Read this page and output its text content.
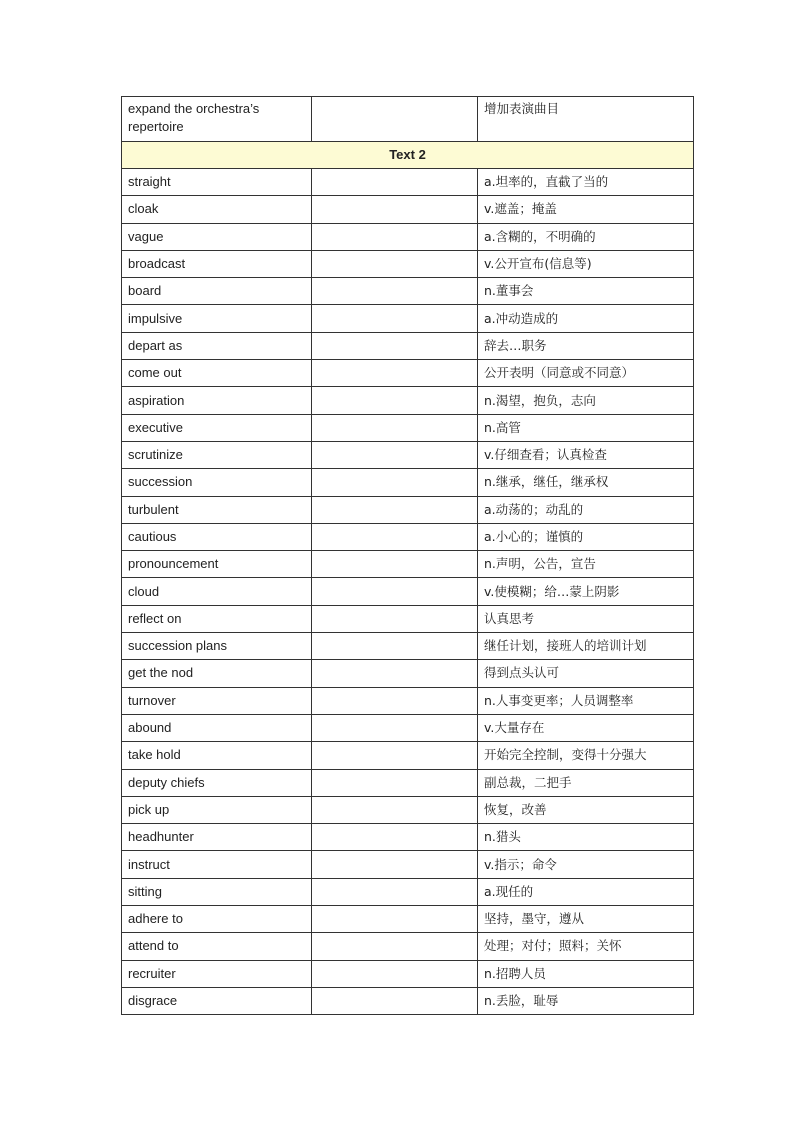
expand the orchestra’s repertoire		增加表演曲目
Text 2		
straight		a.坦率的，直截了当的
cloak		v.遮盖；掩盖
vague		a.含糊的，不明确的
broadcast		v.公开宣布(信息等)
board		n.董事会
impulsive		a.冲动造成的
depart as		辞去…职务
come out		公开表明（同意或不同意）
aspiration		n.渴望，抱负，志向
executive		n.高管
scrutinize		v.仔细查看；认真检查
succession		n.继承，继任，继承权
turbulent		a.动荡的；动乱的
cautious		a.小心的；谨慎的
pronouncement		n.声明，公告，宣告
cloud		v.使模糊；给…蒙上阴影
reflect on		认真思考
succession plans		继任计划，接班人的培训计划
get the nod		得到点头认可
turnover		n.人事变更率；人员调整率
abound		v.大量存在
take hold		开始完全控制，变得十分强大
deputy chiefs		副总裁，二把手
pick up		恢复，改善
headhunter		n.猎头
instruct		v.指示；命令
sitting		a.现任的
adhere to		坚持，墨守，遵从
attend to		处理；对付；照料；关怀
recruiter		n.招聘人员
disgrace		n.丢脸，耻辱
